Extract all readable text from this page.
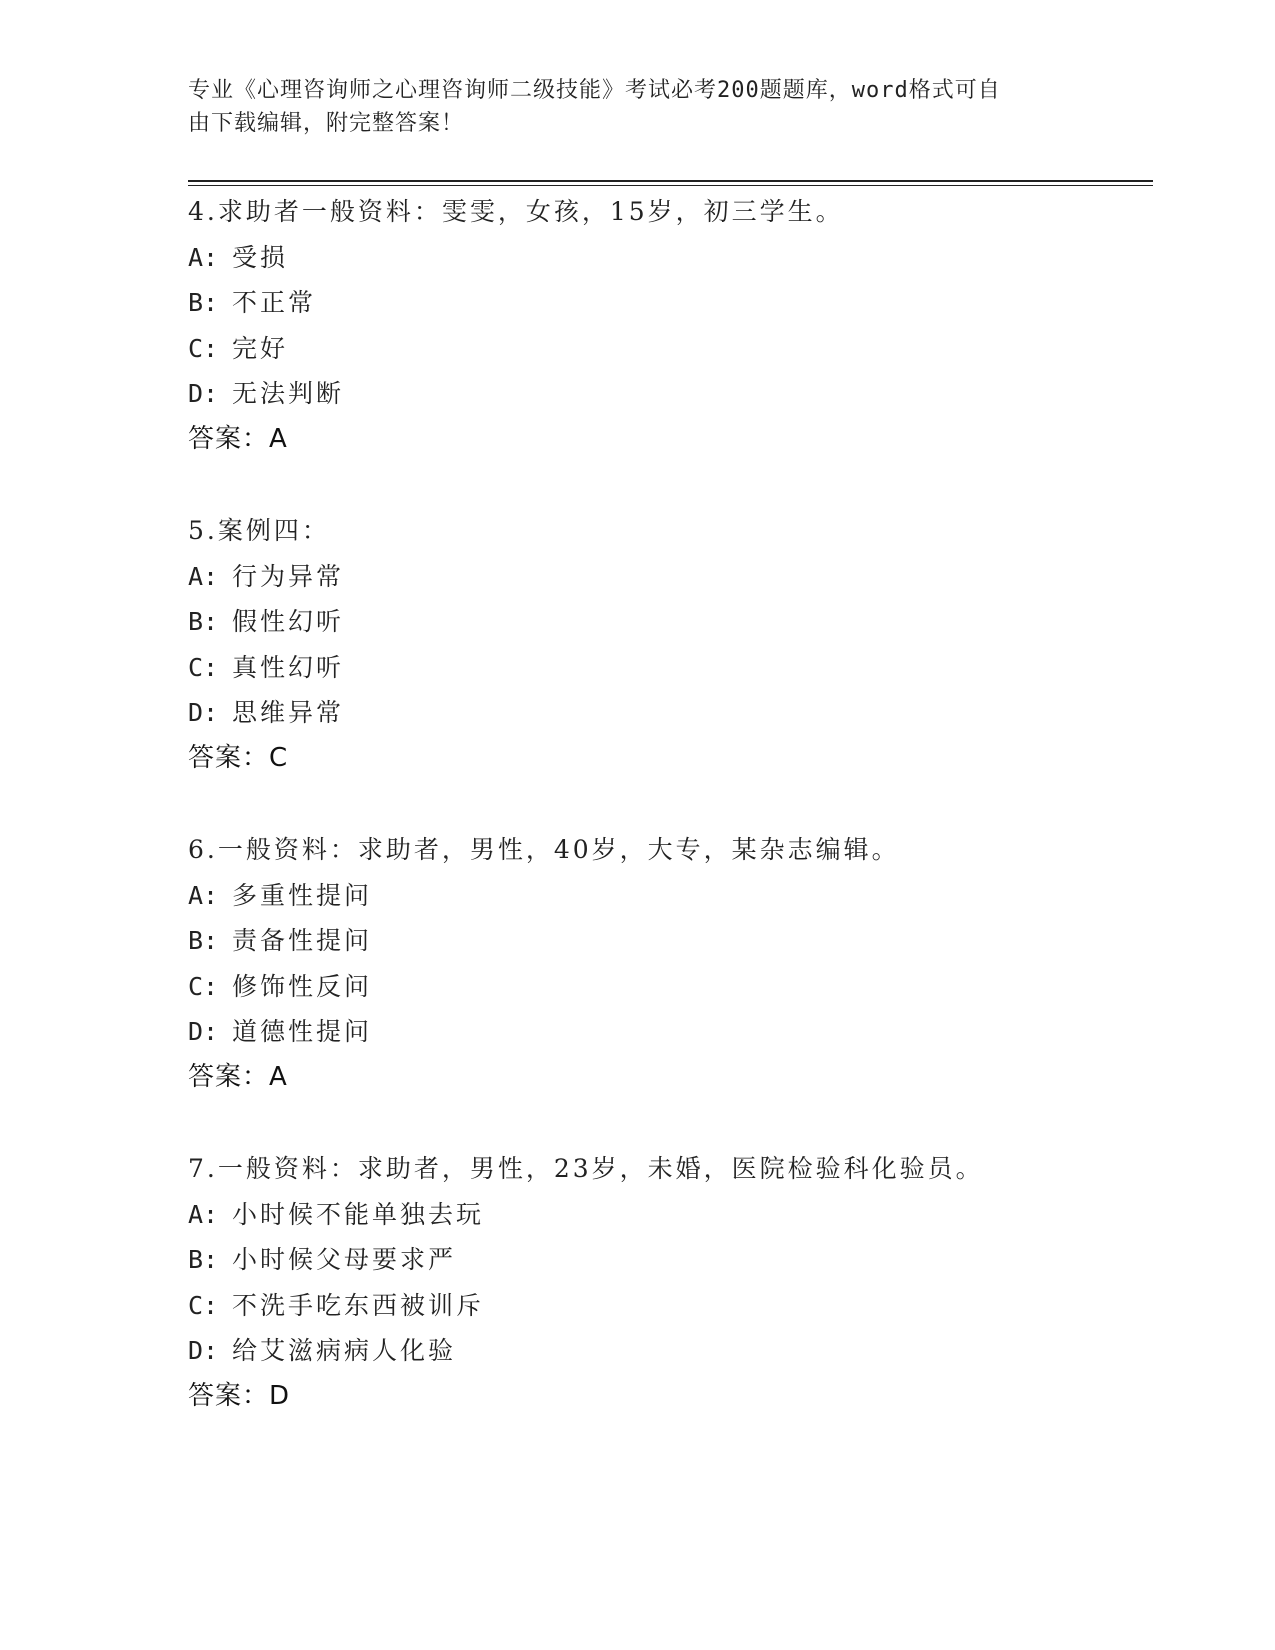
专业《心理咨询师之心理咨询师二级技能》考试必考200题题库，word格式可自
由下载编辑，附完整答案！
4.求助者一般资料：雯雯，女孩，15岁，初三学生。
A: 受损
B: 不正常
C: 完好
D: 无法判断
答案：A
5.案例四：
A: 行为异常
B: 假性幻听
C: 真性幻听
D: 思维异常
答案：C
6.一般资料：求助者，男性，40岁，大专，某杂志编辑。
A: 多重性提问
B: 责备性提问
C: 修饰性反问
D: 道德性提问
答案：A
7.一般资料：求助者，男性，23岁，未婚，医院检验科化验员。
A: 小时候不能单独去玩
B: 小时候父母要求严
C: 不洗手吃东西被训斥
D: 给艾滋病病人化验
答案：D
